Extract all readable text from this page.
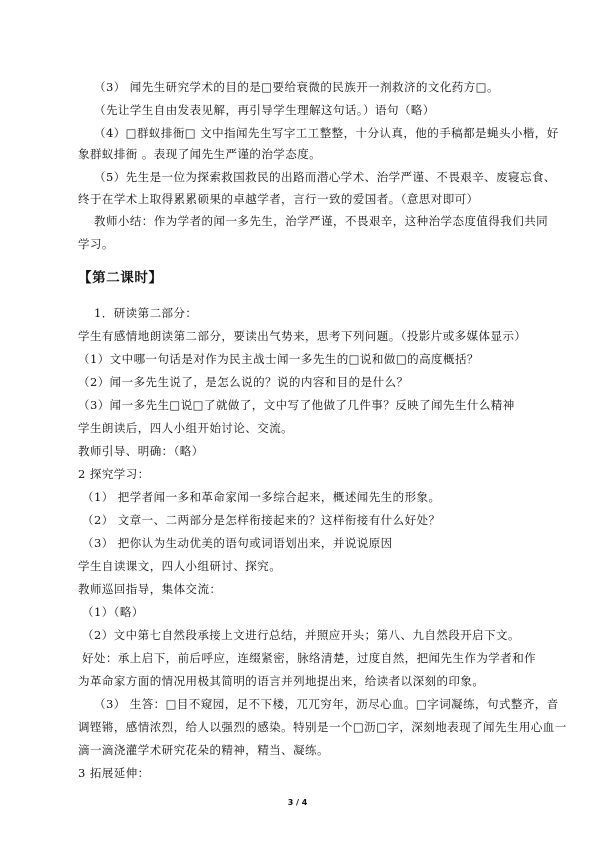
（3） 闻先生研究学术的目的是□要给衰微的民族开一剂救济的文化药方□。
（先让学生自由发表见解，再引导学生理解这句话。）语句（略）
（4）□群蚁排衙□ 文中指闻先生写字工工整整，十分认真，他的手稿都是蝇头小楷，好
象群蚁排衙 。表现了闻先生严谨的治学态度。
（5）先生是一位为探索救国救民的出路而潜心学术、治学严谨、不畏艰辛、废寝忘食、
终于在学术上取得累累硕果的卓越学者，言行一致的爱国者。（意思对即可）
教师小结：作为学者的闻一多先生，治学严谨，不畏艰辛，这种治学态度值得我们共同
学习。
【第二课时】
1．研读第二部分：
学生有感情地朗读第二部分，要读出气势来，思考下列问题。（投影片或多媒体显示）
（1）文中哪一句话是对作为民主战士闻一多先生的□说和做□的高度概括？
（2）闻一多先生说了，是怎么说的？说的内容和目的是什么？
（3）闻一多先生□说□了就做了，文中写了他做了几件事？反映了闻先生什么精神
学生朗读后，四人小组开始讨论、交流。
教师引导、明确：（略）
2 探究学习：
（1） 把学者闻一多和革命家闻一多综合起来，概述闻先生的形象。
（2） 文章一、二两部分是怎样衔接起来的？这样衔接有什么好处？
（3） 把你认为生动优美的语句或词语划出来，并说说原因
学生自读课文，四人小组研讨、探究。
教师巡回指导，集体交流：
（1）（略）
（2）文中第七自然段承接上文进行总结，并照应开头；第八、九自然段开启下文。
好处：承上启下，前后呼应，连缀紧密，脉络清楚，过度自然，把闻先生作为学者和作
为革命家方面的情况用极其简明的语言并列地提出来，给读者以深刻的印象。
（3） 生答：□目不窥园，足不下楼，兀兀穷年，沥尽心血。□字词凝练，句式整齐，音
调铿锵，感情浓烈，给人以强烈的感染。特别是一个□沥□字，深刻地表现了闻先生用心血一
滴一滴浇灌学术研究花朵的精神，精当、凝练。
3 拓展延伸：
3 / 4
